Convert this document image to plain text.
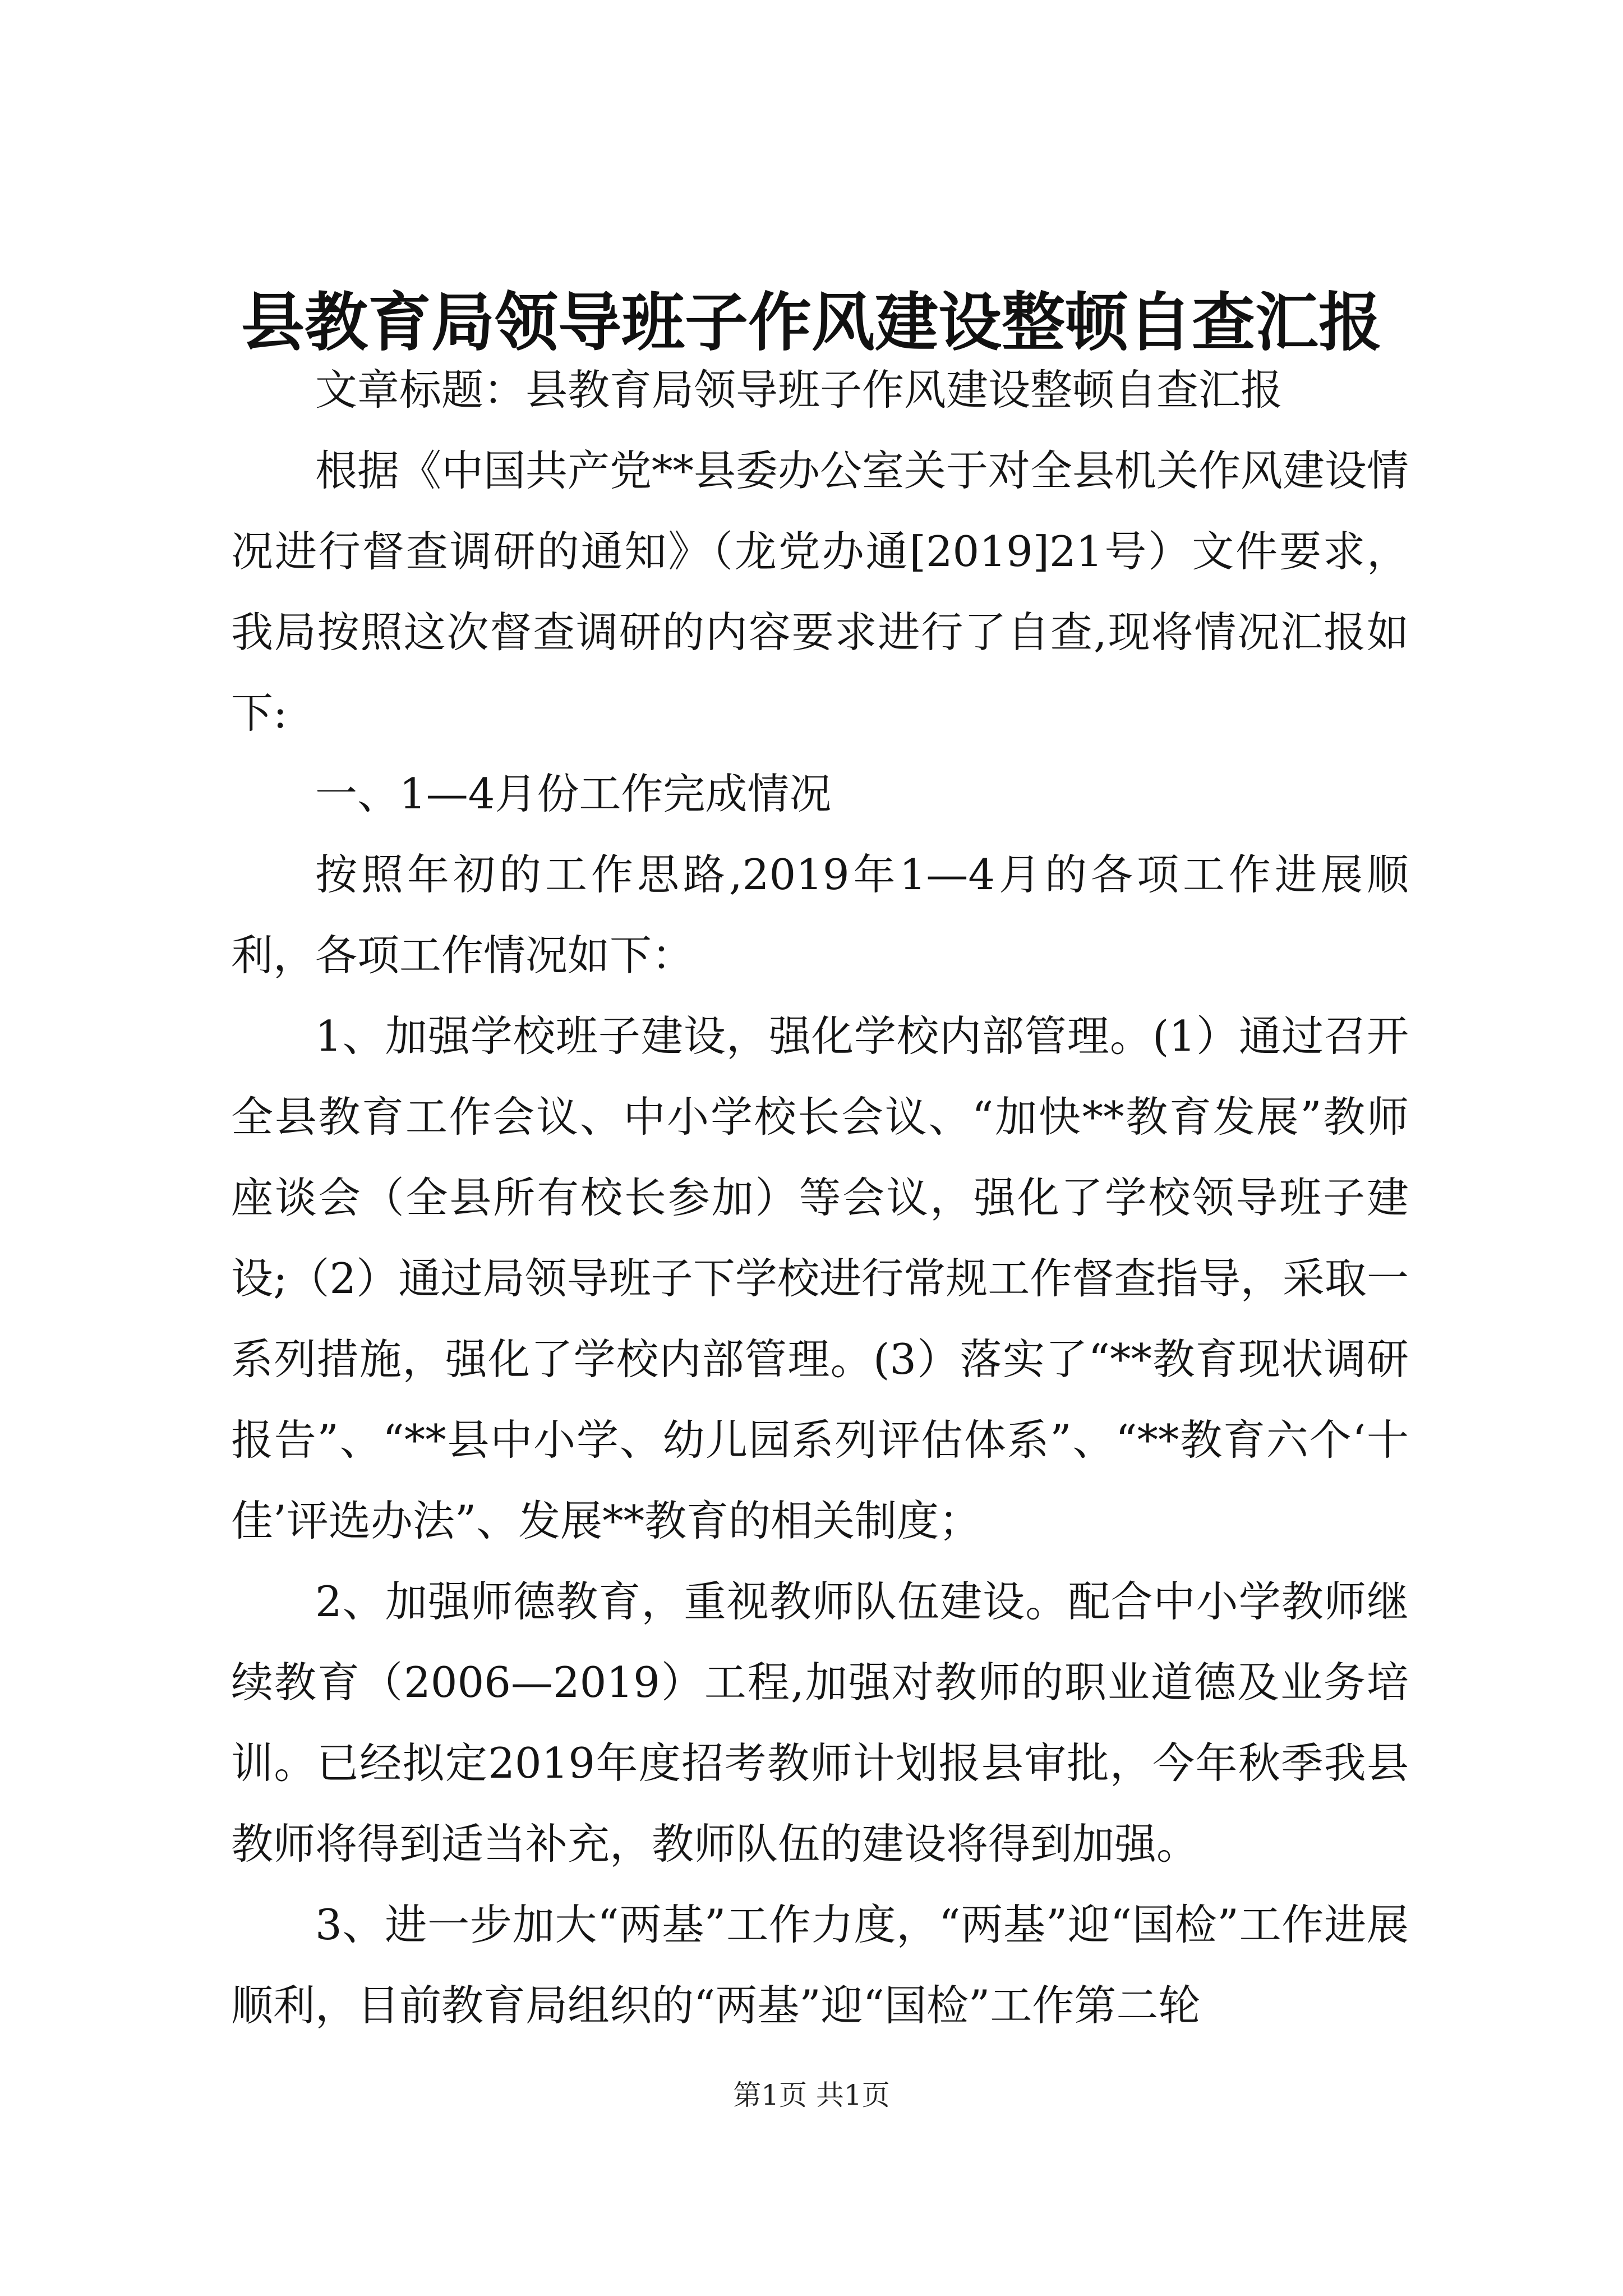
县教育局领导班子作风建设整顿自查汇报

文章标题：县教育局领导班子作风建设整顿自查汇报

根据《中国共产党**县委办公室关于对全县机关作风建设情况进行督查调研的通知》（龙党办通[2019]21号）文件要求，我局按照这次督查调研的内容要求进行了自查,现将情况汇报如下:

一、1—4月份工作完成情况

按照年初的工作思路,2019年1—4月的各项工作进展顺利，各项工作情况如下：

1、加强学校班子建设，强化学校内部管理。(1）通过召开全县教育工作会议、中小学校长会议、“加快**教育发展”教师座谈会（全县所有校长参加）等会议，强化了学校领导班子建设;（2）通过局领导班子下学校进行常规工作督查指导，采取一系列措施，强化了学校内部管理。(3）落实了“**教育现状调研报告”、“**县中小学、幼儿园系列评估体系”、“**教育六个‘十佳’评选办法”、发展**教育的相关制度；

2、加强师德教育，重视教师队伍建设。配合中小学教师继续教育（2006—2019）工程,加强对教师的职业道德及业务培训。已经拟定2019年度招考教师计划报县审批，今年秋季我县教师将得到适当补充，教师队伍的建设将得到加强。

3、进一步加大“两基”工作力度，“两基”迎“国检”工作进展顺利，目前教育局组织的“两基”迎“国检”工作第二轮

第1页 共1页
